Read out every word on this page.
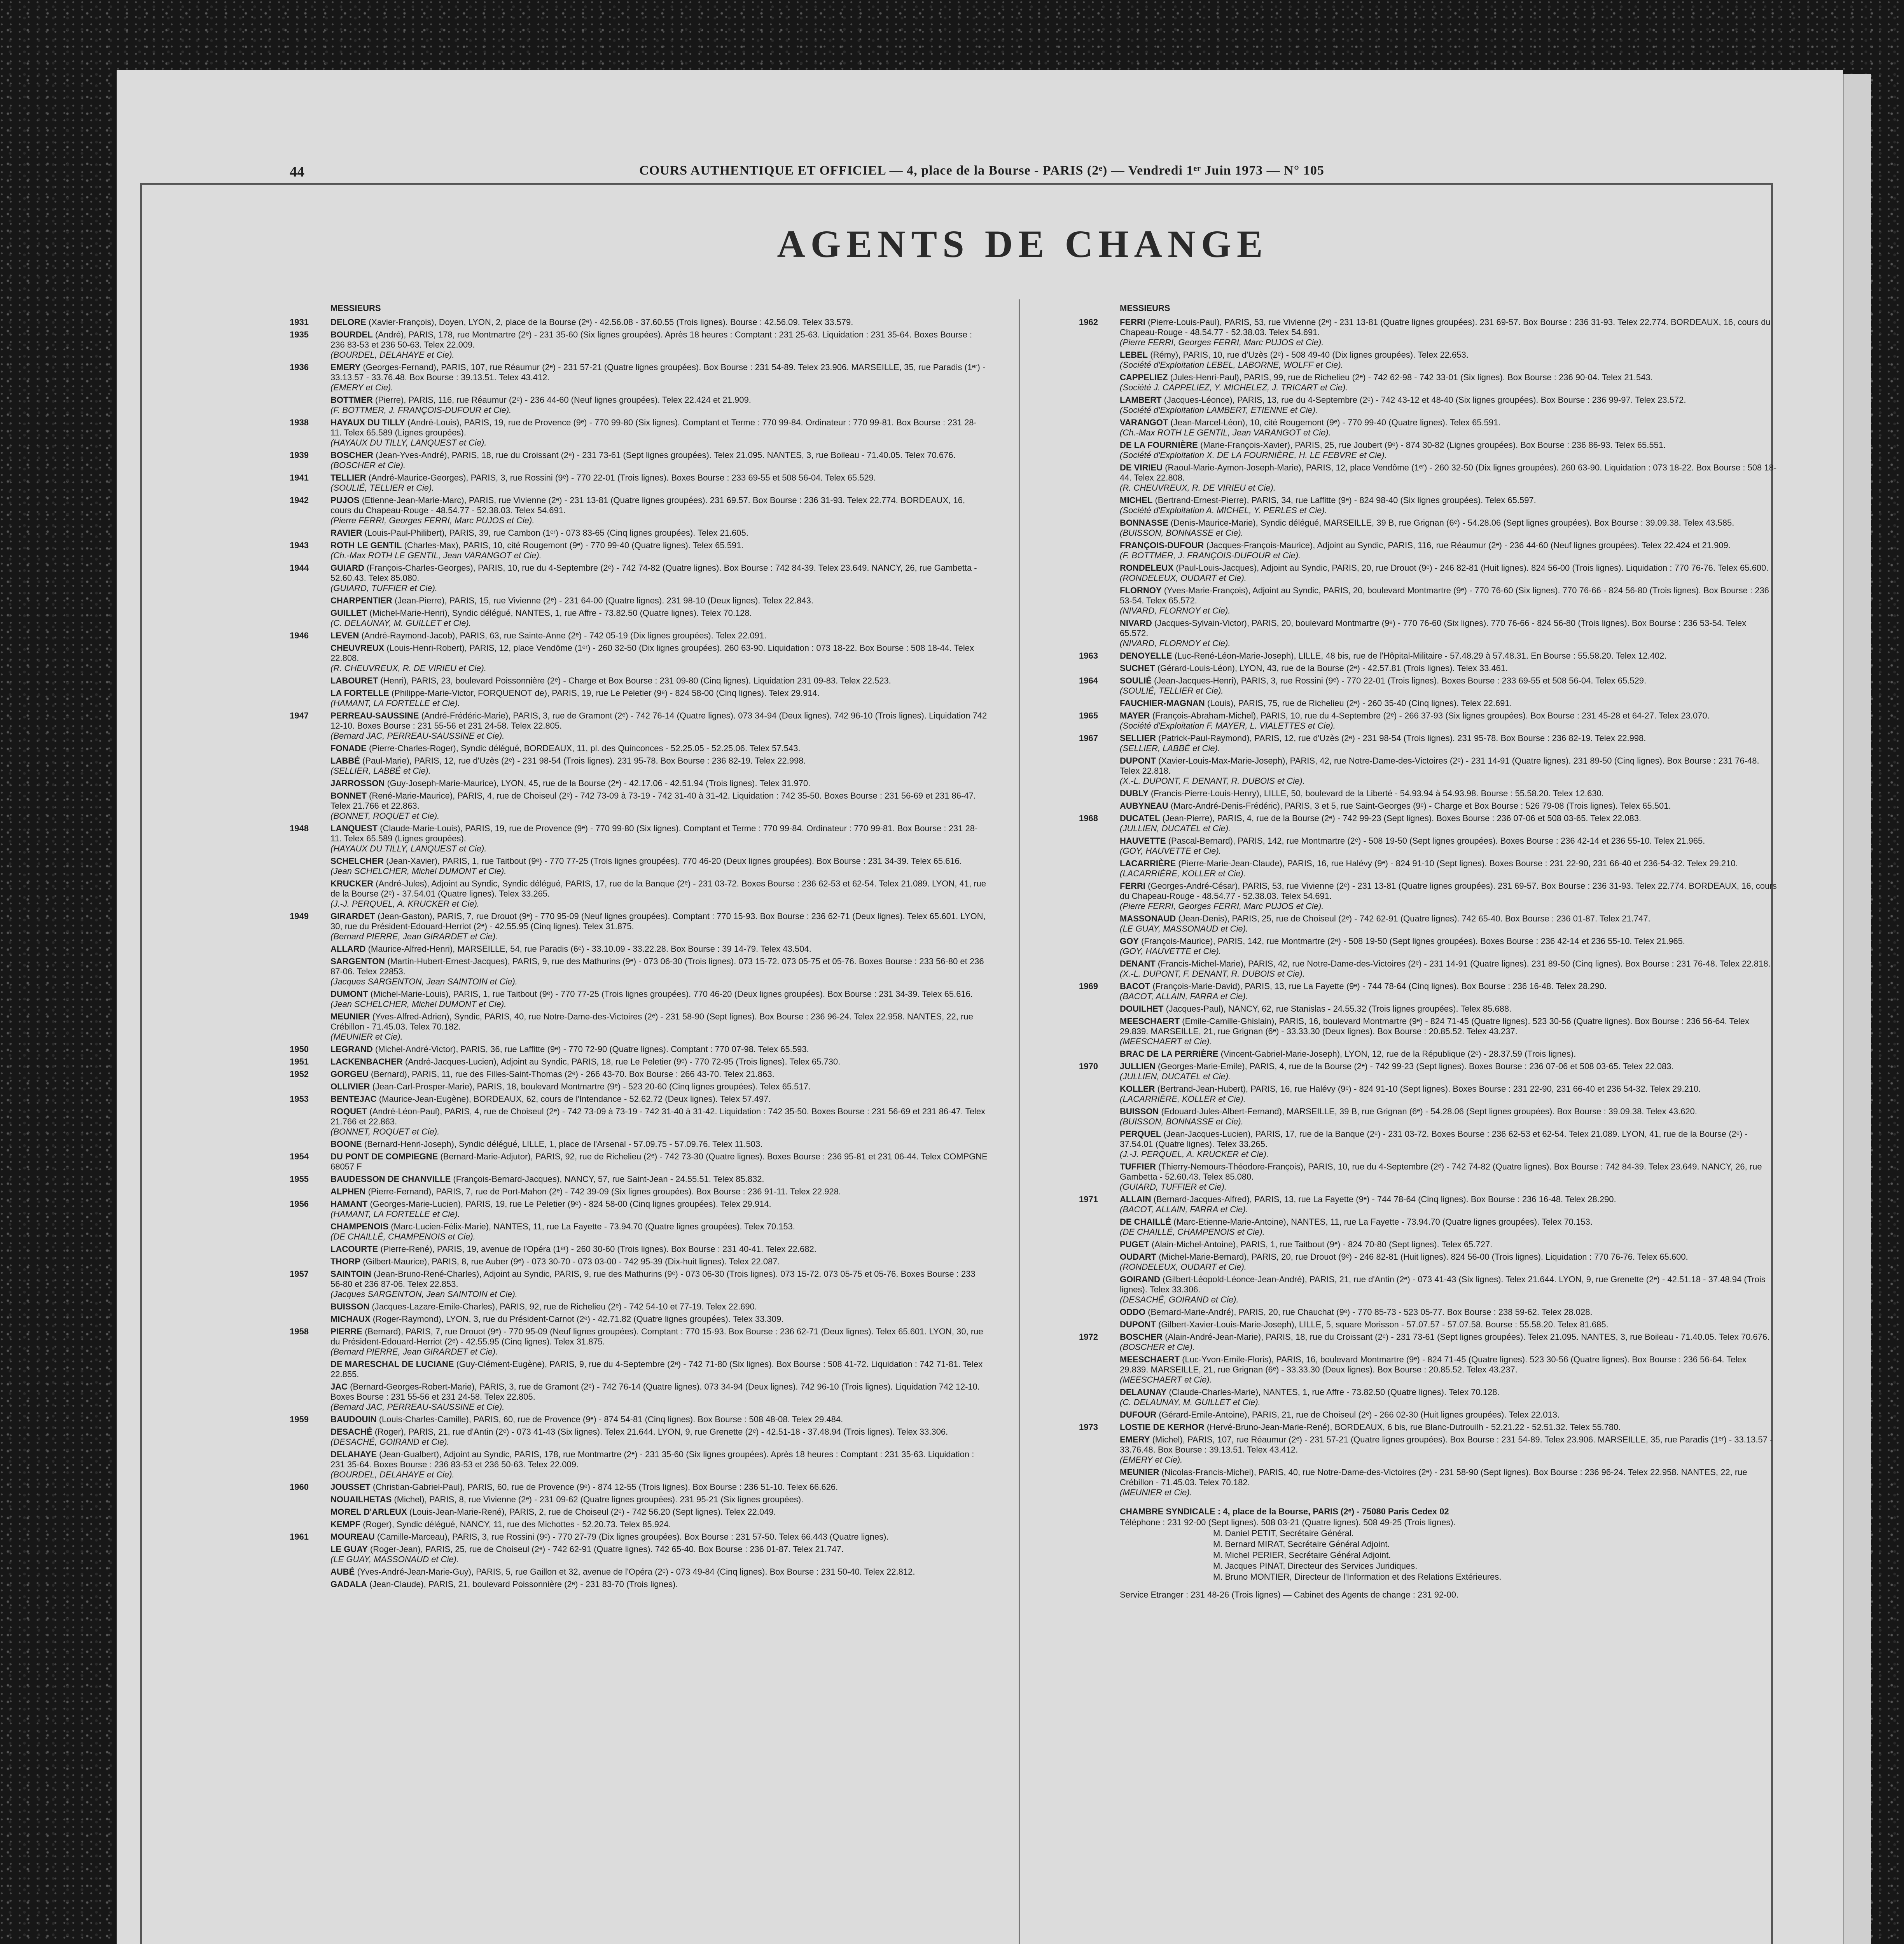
44	COURS AUTHENTIQUE ET OFFICIEL — 4, place de la Bourse - PARIS (2ᵉ) — Vendredi 1ᵉʳ Juin 1973 — N° 105
AGENTS DE CHANGE
MESSIEURS
1931	DELORE (Xavier-François), Doyen, LYON, 2, place de la Bourse (2ᵉ) - 42.56.08 - 37.60.55 (Trois lignes). Bourse : 42.56.09. Telex 33.579.
1935	BOURDEL (André), PARIS, 178, rue Montmartre (2ᵉ) - 231 35-60 (Six lignes groupées). Après 18 heures : Comptant : 231 25-63. Liquidation : 231 35-64. Boxes Bourse : 236 83-53 et 236 50-63. Telex 22.009.
(BOURDEL, DELAHAYE et Cie).
1936	EMERY (Georges-Fernand), PARIS, 107, rue Réaumur (2ᵉ) - 231 57-21 (Quatre lignes groupées). Box Bourse : 231 54-89. Telex 23.906. MARSEILLE, 35, rue Paradis (1ᵉʳ) - 33.13.57 - 33.76.48. Box Bourse : 39.13.51. Telex 43.412.
(EMERY et Cie).
BOTTMER (Pierre), PARIS, 116, rue Réaumur (2ᵉ) - 236 44-60 (Neuf lignes groupées). Telex 22.424 et 21.909.
(F. BOTTMER, J. FRANÇOIS-DUFOUR et Cie).
1938	HAYAUX DU TILLY (André-Louis), PARIS, 19, rue de Provence (9ᵉ) - 770 99-80 (Six lignes). Comptant et Terme : 770 99-84. Ordinateur : 770 99-81. Box Bourse : 231 28-11. Telex 65.589 (Lignes groupées).
(HAYAUX DU TILLY, LANQUEST et Cie).
1939	BOSCHER (Jean-Yves-André), PARIS, 18, rue du Croissant (2ᵉ) - 231 73-61 (Sept lignes groupées). Telex 21.095. NANTES, 3, rue Boileau - 71.40.05. Telex 70.676.
(BOSCHER et Cie).
1941	TELLIER (André-Maurice-Georges), PARIS, 3, rue Rossini (9ᵉ) - 770 22-01 (Trois lignes). Boxes Bourse : 233 69-55 et 508 56-04. Telex 65.529.
(SOULIÉ, TELLIER et Cie).
1942	PUJOS (Etienne-Jean-Marie-Marc), PARIS, rue Vivienne (2ᵉ) - 231 13-81 (Quatre lignes groupées). 231 69.57. Box Bourse : 236 31-93. Telex 22.774. BORDEAUX, 16, cours du Chapeau-Rouge - 48.54.77 - 52.38.03. Telex 54.691.
(Pierre FERRI, Georges FERRI, Marc PUJOS et Cie).
RAVIER (Louis-Paul-Philibert), PARIS, 39, rue Cambon (1ᵉʳ) - 073 83-65 (Cinq lignes groupées). Telex 21.605.
1943	ROTH LE GENTIL (Charles-Max), PARIS, 10, cité Rougemont (9ᵉ) - 770 99-40 (Quatre lignes). Telex 65.591.
(Ch.-Max ROTH LE GENTIL, Jean VARANGOT et Cie).
1944	GUIARD (François-Charles-Georges), PARIS, 10, rue du 4-Septembre (2ᵉ) - 742 74-82 (Quatre lignes). Box Bourse : 742 84-39. Telex 23.649. NANCY, 26, rue Gambetta - 52.60.43. Telex 85.080.
(GUIARD, TUFFIER et Cie).
CHARPENTIER (Jean-Pierre), PARIS, 15, rue Vivienne (2ᵉ) - 231 64-00 (Quatre lignes). 231 98-10 (Deux lignes). Telex 22.843.
GUILLET (Michel-Marie-Henri), Syndic délégué, NANTES, 1, rue Affre - 73.82.50 (Quatre lignes). Telex 70.128.
(C. DELAUNAY, M. GUILLET et Cie).
1946	LEVEN (André-Raymond-Jacob), PARIS, 63, rue Sainte-Anne (2ᵉ) - 742 05-19 (Dix lignes groupées). Telex 22.091.
CHEUVREUX (Louis-Henri-Robert), PARIS, 12, place Vendôme (1ᵉʳ) - 260 32-50 (Dix lignes groupées). 260 63-90. Liquidation : 073 18-22. Box Bourse : 508 18-44. Telex 22.808.
(R. CHEUVREUX, R. DE VIRIEU et Cie).
LABOURET (Henri), PARIS, 23, boulevard Poissonnière (2ᵉ) - Charge et Box Bourse : 231 09-80 (Cinq lignes). Liquidation 231 09-83. Telex 22.523.
LA FORTELLE (Philippe-Marie-Victor, FORQUENOT de), PARIS, 19, rue Le Peletier (9ᵉ) - 824 58-00 (Cinq lignes). Telex 29.914.
(HAMANT, LA FORTELLE et Cie).
1947	PERREAU-SAUSSINE (André-Frédéric-Marie), PARIS, 3, rue de Gramont (2ᵉ) - 742 76-14 (Quatre lignes). 073 34-94 (Deux lignes). 742 96-10 (Trois lignes). Liquidation 742 12-10. Boxes Bourse : 231 55-56 et 231 24-58. Telex 22.805.
(Bernard JAC, PERREAU-SAUSSINE et Cie).
FONADE (Pierre-Charles-Roger), Syndic délégué, BORDEAUX, 11, pl. des Quinconces - 52.25.05 - 52.25.06. Telex 57.543.
LABBÉ (Paul-Marie), PARIS, 12, rue d'Uzès (2ᵉ) - 231 98-54 (Trois lignes). 231 95-78. Box Bourse : 236 82-19. Telex 22.998.
(SELLIER, LABBÉ et Cie).
JARROSSON (Guy-Joseph-Marie-Maurice), LYON, 45, rue de la Bourse (2ᵉ) - 42.17.06 - 42.51.94 (Trois lignes). Telex 31.970.
BONNET (René-Marie-Maurice), PARIS, 4, rue de Choiseul (2ᵉ) - 742 73-09 à 73-19 - 742 31-40 à 31-42. Liquidation : 742 35-50. Boxes Bourse : 231 56-69 et 231 86-47. Telex 21.766 et 22.863.
(BONNET, ROQUET et Cie).
1948	LANQUEST (Claude-Marie-Louis), PARIS, 19, rue de Provence (9ᵉ) - 770 99-80 (Six lignes). Comptant et Terme : 770 99-84. Ordinateur : 770 99-81. Box Bourse : 231 28-11. Telex 65.589 (Lignes groupées).
(HAYAUX DU TILLY, LANQUEST et Cie).
SCHELCHER (Jean-Xavier), PARIS, 1, rue Taitbout (9ᵉ) - 770 77-25 (Trois lignes groupées). 770 46-20 (Deux lignes groupées). Box Bourse : 231 34-39. Telex 65.616.
(Jean SCHELCHER, Michel DUMONT et Cie).
KRUCKER (André-Jules), Adjoint au Syndic, Syndic délégué, PARIS, 17, rue de la Banque (2ᵉ) - 231 03-72. Boxes Bourse : 236 62-53 et 62-54. Telex 21.089. LYON, 41, rue de la Bourse (2ᵉ) - 37.54.01 (Quatre lignes). Telex 33.265.
(J.-J. PERQUEL, A. KRUCKER et Cie).
1949	GIRARDET (Jean-Gaston), PARIS, 7, rue Drouot (9ᵉ) - 770 95-09 (Neuf lignes groupées). Comptant : 770 15-93. Box Bourse : 236 62-71 (Deux lignes). Telex 65.601. LYON, 30, rue du Président-Edouard-Herriot (2ᵉ) - 42.55.95 (Cinq lignes). Telex 31.875.
(Bernard PIERRE, Jean GIRARDET et Cie).
ALLARD (Maurice-Alfred-Henri), MARSEILLE, 54, rue Paradis (6ᵉ) - 33.10.09 - 33.22.28. Box Bourse : 39 14-79. Telex 43.504.
SARGENTON (Martin-Hubert-Ernest-Jacques), PARIS, 9, rue des Mathurins (9ᵉ) - 073 06-30 (Trois lignes). 073 15-72. 073 05-75 et 05-76. Boxes Bourse : 233 56-80 et 236 87-06. Telex 22853.
(Jacques SARGENTON, Jean SAINTOIN et Cie).
DUMONT (Michel-Marie-Louis), PARIS, 1, rue Taitbout (9ᵉ) - 770 77-25 (Trois lignes groupées). 770 46-20 (Deux lignes groupées). Box Bourse : 231 34-39. Telex 65.616.
(Jean SCHELCHER, Michel DUMONT et Cie).
MEUNIER (Yves-Alfred-Adrien), Syndic, PARIS, 40, rue Notre-Dame-des-Victoires (2ᵉ) - 231 58-90 (Sept lignes). Box Bourse : 236 96-24. Telex 22.958. NANTES, 22, rue Crébillon - 71.45.03. Telex 70.182.
(MEUNIER et Cie).
1950	LEGRAND (Michel-André-Victor), PARIS, 36, rue Laffitte (9ᵉ) - 770 72-90 (Quatre lignes). Comptant : 770 07-98. Telex 65.593.
1951	LACKENBACHER (André-Jacques-Lucien), Adjoint au Syndic, PARIS, 18, rue Le Peletier (9ᵉ) - 770 72-95 (Trois lignes). Telex 65.730.
1952	GORGEU (Bernard), PARIS, 11, rue des Filles-Saint-Thomas (2ᵉ) - 266 43-70. Box Bourse : 266 43-70. Telex 21.863.
OLLIVIER (Jean-Carl-Prosper-Marie), PARIS, 18, boulevard Montmartre (9ᵉ) - 523 20-60 (Cinq lignes groupées). Telex 65.517.
1953	BENTEJAC (Maurice-Jean-Eugène), BORDEAUX, 62, cours de l'Intendance - 52.62.72 (Deux lignes). Telex 57.497.
ROQUET (André-Léon-Paul), PARIS, 4, rue de Choiseul (2ᵉ) - 742 73-09 à 73-19 - 742 31-40 à 31-42. Liquidation : 742 35-50. Boxes Bourse : 231 56-69 et 231 86-47. Telex 21.766 et 22.863.
(BONNET, ROQUET et Cie).
BOONE (Bernard-Henri-Joseph), Syndic délégué, LILLE, 1, place de l'Arsenal - 57.09.75 - 57.09.76. Telex 11.503.
1954	DU PONT DE COMPIEGNE (Bernard-Marie-Adjutor), PARIS, 92, rue de Richelieu (2ᵉ) - 742 73-30 (Quatre lignes). Boxes Bourse : 236 95-81 et 231 06-44. Telex COMPGNE 68057 F
1955	BAUDESSON DE CHANVILLE (François-Bernard-Jacques), NANCY, 57, rue Saint-Jean - 24.55.51. Telex 85.832.
ALPHEN (Pierre-Fernand), PARIS, 7, rue de Port-Mahon (2ᵉ) - 742 39-09 (Six lignes groupées). Box Bourse : 236 91-11. Telex 22.928.
1956	HAMANT (Georges-Marie-Lucien), PARIS, 19, rue Le Peletier (9ᵉ) - 824 58-00 (Cinq lignes groupées). Telex 29.914.
(HAMANT, LA FORTELLE et Cie).
CHAMPENOIS (Marc-Lucien-Félix-Marie), NANTES, 11, rue La Fayette - 73.94.70 (Quatre lignes groupées). Telex 70.153.
(DE CHAILLÉ, CHAMPENOIS et Cie).
LACOURTE (Pierre-René), PARIS, 19, avenue de l'Opéra (1ᵉʳ) - 260 30-60 (Trois lignes). Box Bourse : 231 40-41. Telex 22.682.
THORP (Gilbert-Maurice), PARIS, 8, rue Auber (9ᵉ) - 073 30-70 - 073 03-00 - 742 95-39 (Dix-huit lignes). Telex 22.087.
1957	SAINTOIN (Jean-Bruno-René-Charles), Adjoint au Syndic, PARIS, 9, rue des Mathurins (9ᵉ) - 073 06-30 (Trois lignes). 073 15-72. 073 05-75 et 05-76. Boxes Bourse : 233 56-80 et 236 87-06. Telex 22.853.
(Jacques SARGENTON, Jean SAINTOIN et Cie).
BUISSON (Jacques-Lazare-Emile-Charles), PARIS, 92, rue de Richelieu (2ᵉ) - 742 54-10 et 77-19. Telex 22.690.
MICHAUX (Roger-Raymond), LYON, 3, rue du Président-Carnot (2ᵉ) - 42.71.82 (Quatre lignes groupées). Telex 33.309.
1958	PIERRE (Bernard), PARIS, 7, rue Drouot (9ᵉ) - 770 95-09 (Neuf lignes groupées). Comptant : 770 15-93. Box Bourse : 236 62-71 (Deux lignes). Telex 65.601. LYON, 30, rue du Président-Edouard-Herriot (2ᵉ) - 42.55.95 (Cinq lignes). Telex 31.875.
(Bernard PIERRE, Jean GIRARDET et Cie).
DE MARESCHAL DE LUCIANE (Guy-Clément-Eugène), PARIS, 9, rue du 4-Septembre (2ᵉ) - 742 71-80 (Six lignes). Box Bourse : 508 41-72. Liquidation : 742 71-81. Telex 22.855.
JAC (Bernard-Georges-Robert-Marie), PARIS, 3, rue de Gramont (2ᵉ) - 742 76-14 (Quatre lignes). 073 34-94 (Deux lignes). 742 96-10 (Trois lignes). Liquidation 742 12-10. Boxes Bourse : 231 55-56 et 231 24-58. Telex 22.805.
(Bernard JAC, PERREAU-SAUSSINE et Cie).
1959	BAUDOUIN (Louis-Charles-Camille), PARIS, 60, rue de Provence (9ᵉ) - 874 54-81 (Cinq lignes). Box Bourse : 508 48-08. Telex 29.484.
DESACHÉ (Roger), PARIS, 21, rue d'Antin (2ᵉ) - 073 41-43 (Six lignes). Telex 21.644. LYON, 9, rue Grenette (2ᵉ) - 42.51-18 - 37.48.94 (Trois lignes). Telex 33.306.
(DESACHÉ, GOIRAND et Cie).
DELAHAYE (Jean-Gualbert), Adjoint au Syndic, PARIS, 178, rue Montmartre (2ᵉ) - 231 35-60 (Six lignes groupées). Après 18 heures : Comptant : 231 35-63. Liquidation : 231 35-64. Boxes Bourse : 236 83-53 et 236 50-63. Telex 22.009.
(BOURDEL, DELAHAYE et Cie).
1960	JOUSSET (Christian-Gabriel-Paul), PARIS, 60, rue de Provence (9ᵉ) - 874 12-55 (Trois lignes). Box Bourse : 236 51-10. Telex 66.626.
NOUAILHETAS (Michel), PARIS, 8, rue Vivienne (2ᵉ) - 231 09-62 (Quatre lignes groupées). 231 95-21 (Six lignes groupées).
MOREL D'ARLEUX (Louis-Jean-Marie-René), PARIS, 2, rue de Choiseul (2ᵉ) - 742 56.20 (Sept lignes). Telex 22.049.
KEMPF (Roger), Syndic délégué, NANCY, 11, rue des Michottes - 52.20.73. Telex 85.924.
1961	MOUREAU (Camille-Marceau), PARIS, 3, rue Rossini (9ᵉ) - 770 27-79 (Dix lignes groupées). Box Bourse : 231 57-50. Telex 66.443 (Quatre lignes).
LE GUAY (Roger-Jean), PARIS, 25, rue de Choiseul (2ᵉ) - 742 62-91 (Quatre lignes). 742 65-40. Box Bourse : 236 01-87. Telex 21.747.
(LE GUAY, MASSONAUD et Cie).
AUBÉ (Yves-André-Jean-Marie-Guy), PARIS, 5, rue Gaillon et 32, avenue de l'Opéra (2ᵉ) - 073 49-84 (Cinq lignes). Box Bourse : 231 50-40. Telex 22.812.
GADALA (Jean-Claude), PARIS, 21, boulevard Poissonnière (2ᵉ) - 231 83-70 (Trois lignes).
MESSIEURS
1962	FERRI (Pierre-Louis-Paul), PARIS, 53, rue Vivienne (2ᵉ) - 231 13-81 (Quatre lignes groupées). 231 69-57. Box Bourse : 236 31-93. Telex 22.774. BORDEAUX, 16, cours du Chapeau-Rouge - 48.54.77 - 52.38.03. Telex 54.691.
(Pierre FERRI, Georges FERRI, Marc PUJOS et Cie).
LEBEL (Rémy), PARIS, 10, rue d'Uzès (2ᵉ) - 508 49-40 (Dix lignes groupées). Telex 22.653.
(Société d'Exploitation LEBEL, LABORNE, WOLFF et Cie).
CAPPELIEZ (Jules-Henri-Paul), PARIS, 99, rue de Richelieu (2ᵉ) - 742 62-98 - 742 33-01 (Six lignes). Box Bourse : 236 90-04. Telex 21.543.
(Société J. CAPPELIEZ, Y. MICHELEZ, J. TRICART et Cie).
LAMBERT (Jacques-Léonce), PARIS, 13, rue du 4-Septembre (2ᵉ) - 742 43-12 et 48-40 (Six lignes groupées). Box Bourse : 236 99-97. Telex 23.572.
(Société d'Exploitation LAMBERT, ETIENNE et Cie).
VARANGOT (Jean-Marcel-Léon), 10, cité Rougemont (9ᵉ) - 770 99-40 (Quatre lignes). Telex 65.591.
(Ch.-Max ROTH LE GENTIL, Jean VARANGOT et Cie).
DE LA FOURNIÈRE (Marie-François-Xavier), PARIS, 25, rue Joubert (9ᵉ) - 874 30-82 (Lignes groupées). Box Bourse : 236 86-93. Telex 65.551.
(Société d'Exploitation X. DE LA FOURNIÈRE, H. LE FEBVRE et Cie).
DE VIRIEU (Raoul-Marie-Aymon-Joseph-Marie), PARIS, 12, place Vendôme (1ᵉʳ) - 260 32-50 (Dix lignes groupées). 260 63-90. Liquidation : 073 18-22. Box Bourse : 508 18-44. Telex 22.808.
(R. CHEUVREUX, R. DE VIRIEU et Cie).
MICHEL (Bertrand-Ernest-Pierre), PARIS, 34, rue Laffitte (9ᵉ) - 824 98-40 (Six lignes groupées). Telex 65.597.
(Société d'Exploitation A. MICHEL, Y. PERLES et Cie).
BONNASSE (Denis-Maurice-Marie), Syndic délégué, MARSEILLE, 39 B, rue Grignan (6ᵉ) - 54.28.06 (Sept lignes groupées). Box Bourse : 39.09.38. Telex 43.585.
(BUISSON, BONNASSE et Cie).
FRANÇOIS-DUFOUR (Jacques-François-Maurice), Adjoint au Syndic, PARIS, 116, rue Réaumur (2ᵉ) - 236 44-60 (Neuf lignes groupées). Telex 22.424 et 21.909.
(F. BOTTMER, J. FRANÇOIS-DUFOUR et Cie).
RONDELEUX (Paul-Louis-Jacques), Adjoint au Syndic, PARIS, 20, rue Drouot (9ᵉ) - 246 82-81 (Huit lignes). 824 56-00 (Trois lignes). Liquidation : 770 76-76. Telex 65.600.
(RONDELEUX, OUDART et Cie).
FLORNOY (Yves-Marie-François), Adjoint au Syndic, PARIS, 20, boulevard Montmartre (9ᵉ) - 770 76-60 (Six lignes). 770 76-66 - 824 56-80 (Trois lignes). Box Bourse : 236 53-54. Telex 65.572.
(NIVARD, FLORNOY et Cie).
NIVARD (Jacques-Sylvain-Victor), PARIS, 20, boulevard Montmartre (9ᵉ) - 770 76-60 (Six lignes). 770 76-66 - 824 56-80 (Trois lignes). Box Bourse : 236 53-54. Telex 65.572.
(NIVARD, FLORNOY et Cie).
1963	DENOYELLE (Luc-René-Léon-Marie-Joseph), LILLE, 48 bis, rue de l'Hôpital-Militaire - 57.48.29 à 57.48.31. En Bourse : 55.58.20. Telex 12.402.
SUCHET (Gérard-Louis-Léon), LYON, 43, rue de la Bourse (2ᵉ) - 42.57.81 (Trois lignes). Telex 33.461.
1964	SOULIÉ (Jean-Jacques-Henri), PARIS, 3, rue Rossini (9ᵉ) - 770 22-01 (Trois lignes). Boxes Bourse : 233 69-55 et 508 56-04. Telex 65.529.
(SOULIÉ, TELLIER et Cie).
FAUCHIER-MAGNAN (Louis), PARIS, 75, rue de Richelieu (2ᵉ) - 260 35-40 (Cinq lignes). Telex 22.691.
1965	MAYER (François-Abraham-Michel), PARIS, 10, rue du 4-Septembre (2ᵉ) - 266 37-93 (Six lignes groupées). Box Bourse : 231 45-28 et 64-27. Telex 23.070.
(Société d'Exploitation F. MAYER, L. VIALETTES et Cie).
1967	SELLIER (Patrick-Paul-Raymond), PARIS, 12, rue d'Uzès (2ᵉ) - 231 98-54 (Trois lignes). 231 95-78. Box Bourse : 236 82-19. Telex 22.998.
(SELLIER, LABBÉ et Cie).
DUPONT (Xavier-Louis-Max-Marie-Joseph), PARIS, 42, rue Notre-Dame-des-Victoires (2ᵉ) - 231 14-91 (Quatre lignes). 231 89-50 (Cinq lignes). Box Bourse : 231 76-48. Telex 22.818.
(X.-L. DUPONT, F. DENANT, R. DUBOIS et Cie).
DUBLY (Francis-Pierre-Louis-Henry), LILLE, 50, boulevard de la Liberté - 54.93.94 à 54.93.98. Bourse : 55.58.20. Telex 12.630.
AUBYNEAU (Marc-André-Denis-Frédéric), PARIS, 3 et 5, rue Saint-Georges (9ᵉ) - Charge et Box Bourse : 526 79-08 (Trois lignes). Telex 65.501.
1968	DUCATEL (Jean-Pierre), PARIS, 4, rue de la Bourse (2ᵉ) - 742 99-23 (Sept lignes). Boxes Bourse : 236 07-06 et 508 03-65. Telex 22.083.
(JULLIEN, DUCATEL et Cie).
HAUVETTE (Pascal-Bernard), PARIS, 142, rue Montmartre (2ᵉ) - 508 19-50 (Sept lignes groupées). Boxes Bourse : 236 42-14 et 236 55-10. Telex 21.965.
(GOY, HAUVETTE et Cie).
LACARRIÈRE (Pierre-Marie-Jean-Claude), PARIS, 16, rue Halévy (9ᵉ) - 824 91-10 (Sept lignes). Boxes Bourse : 231 22-90, 231 66-40 et 236-54-32. Telex 29.210.
(LACARRIÈRE, KOLLER et Cie).
FERRI (Georges-André-César), PARIS, 53, rue Vivienne (2ᵉ) - 231 13-81 (Quatre lignes groupées). 231 69-57. Box Bourse : 236 31-93. Telex 22.774. BORDEAUX, 16, cours du Chapeau-Rouge - 48.54.77 - 52.38.03. Telex 54.691.
(Pierre FERRI, Georges FERRI, Marc PUJOS et Cie).
MASSONAUD (Jean-Denis), PARIS, 25, rue de Choiseul (2ᵉ) - 742 62-91 (Quatre lignes). 742 65-40. Box Bourse : 236 01-87. Telex 21.747.
(LE GUAY, MASSONAUD et Cie).
GOY (François-Maurice), PARIS, 142, rue Montmartre (2ᵉ) - 508 19-50 (Sept lignes groupées). Boxes Bourse : 236 42-14 et 236 55-10. Telex 21.965.
(GOY, HAUVETTE et Cie).
DENANT (Francis-Michel-Marie), PARIS, 42, rue Notre-Dame-des-Victoires (2ᵉ) - 231 14-91 (Quatre lignes). 231 89-50 (Cinq lignes). Box Bourse : 231 76-48. Telex 22.818.
(X.-L. DUPONT, F. DENANT, R. DUBOIS et Cie).
1969	BACOT (François-Marie-David), PARIS, 13, rue La Fayette (9ᵉ) - 744 78-64 (Cinq lignes). Box Bourse : 236 16-48. Telex 28.290.
(BACOT, ALLAIN, FARRA et Cie).
DOUILHET (Jacques-Paul), NANCY, 62, rue Stanislas - 24.55.32 (Trois lignes groupées). Telex 85.688.
MEESCHAERT (Emile-Camille-Ghislain), PARIS, 16, boulevard Montmartre (9ᵉ) - 824 71-45 (Quatre lignes). 523 30-56 (Quatre lignes). Box Bourse : 236 56-64. Telex 29.839. MARSEILLE, 21, rue Grignan (6ᵉ) - 33.33.30 (Deux lignes). Box Bourse : 20.85.52. Telex 43.237.
(MEESCHAERT et Cie).
BRAC DE LA PERRIÈRE (Vincent-Gabriel-Marie-Joseph), LYON, 12, rue de la République (2ᵉ) - 28.37.59 (Trois lignes).
1970	JULLIEN (Georges-Marie-Emile), PARIS, 4, rue de la Bourse (2ᵉ) - 742 99-23 (Sept lignes). Boxes Bourse : 236 07-06 et 508 03-65. Telex 22.083.
(JULLIEN, DUCATEL et Cie).
KOLLER (Bertrand-Jean-Hubert), PARIS, 16, rue Halévy (9ᵉ) - 824 91-10 (Sept lignes). Boxes Bourse : 231 22-90, 231 66-40 et 236 54-32. Telex 29.210.
(LACARRIÈRE, KOLLER et Cie).
BUISSON (Edouard-Jules-Albert-Fernand), MARSEILLE, 39 B, rue Grignan (6ᵉ) - 54.28.06 (Sept lignes groupées). Box Bourse : 39.09.38. Telex 43.620.
(BUISSON, BONNASSE et Cie).
PERQUEL (Jean-Jacques-Lucien), PARIS, 17, rue de la Banque (2ᵉ) - 231 03-72. Boxes Bourse : 236 62-53 et 62-54. Telex 21.089. LYON, 41, rue de la Bourse (2ᵉ) - 37.54.01 (Quatre lignes). Telex 33.265.
(J.-J. PERQUEL, A. KRUCKER et Cie).
TUFFIER (Thierry-Nemours-Théodore-François), PARIS, 10, rue du 4-Septembre (2ᵉ) - 742 74-82 (Quatre lignes). Box Bourse : 742 84-39. Telex 23.649. NANCY, 26, rue Gambetta - 52.60.43. Telex 85.080.
(GUIARD, TUFFIER et Cie).
1971	ALLAIN (Bernard-Jacques-Alfred), PARIS, 13, rue La Fayette (9ᵉ) - 744 78-64 (Cinq lignes). Box Bourse : 236 16-48. Telex 28.290.
(BACOT, ALLAIN, FARRA et Cie).
DE CHAILLÉ (Marc-Etienne-Marie-Antoine), NANTES, 11, rue La Fayette - 73.94.70 (Quatre lignes groupées). Telex 70.153.
(DE CHAILLÉ, CHAMPENOIS et Cie).
PUGET (Alain-Michel-Antoine), PARIS, 1, rue Taitbout (9ᵉ) - 824 70-80 (Sept lignes). Telex 65.727.
OUDART (Michel-Marie-Bernard), PARIS, 20, rue Drouot (9ᵉ) - 246 82-81 (Huit lignes). 824 56-00 (Trois lignes). Liquidation : 770 76-76. Telex 65.600.
(RONDELEUX, OUDART et Cie).
GOIRAND (Gilbert-Léopold-Léonce-Jean-André), PARIS, 21, rue d'Antin (2ᵉ) - 073 41-43 (Six lignes). Telex 21.644. LYON, 9, rue Grenette (2ᵉ) - 42.51.18 - 37.48.94 (Trois lignes). Telex 33.306.
(DESACHÉ, GOIRAND et Cie).
ODDO (Bernard-Marie-André), PARIS, 20, rue Chauchat (9ᵉ) - 770 85-73 - 523 05-77. Box Bourse : 238 59-62. Telex 28.028.
DUPONT (Gilbert-Xavier-Louis-Marie-Joseph), LILLE, 5, square Morisson - 57.07.57 - 57.07.58. Bourse : 55.58.20. Telex 81.685.
1972	BOSCHER (Alain-André-Jean-Marie), PARIS, 18, rue du Croissant (2ᵉ) - 231 73-61 (Sept lignes groupées). Telex 21.095. NANTES, 3, rue Boileau - 71.40.05. Telex 70.676.
(BOSCHER et Cie).
MEESCHAERT (Luc-Yvon-Emile-Floris), PARIS, 16, boulevard Montmartre (9ᵉ) - 824 71-45 (Quatre lignes). 523 30-56 (Quatre lignes). Box Bourse : 236 56-64. Telex 29.839. MARSEILLE, 21, rue Grignan (6ᵉ) - 33.33.30 (Deux lignes). Box Bourse : 20.85.52. Telex 43.237.
(MEESCHAERT et Cie).
DELAUNAY (Claude-Charles-Marie), NANTES, 1, rue Affre - 73.82.50 (Quatre lignes). Telex 70.128.
(C. DELAUNAY, M. GUILLET et Cie).
DUFOUR (Gérard-Emile-Antoine), PARIS, 21, rue de Choiseul (2ᵉ) - 266 02-30 (Huit lignes groupées). Telex 22.013.
1973	LOSTIE DE KERHOR (Hervé-Bruno-Jean-Marie-René), BORDEAUX, 6 bis, rue Blanc-Dutrouilh - 52.21.22 - 52.51.32. Telex 55.780.
EMERY (Michel), PARIS, 107, rue Réaumur (2ᵉ) - 231 57-21 (Quatre lignes groupées). Box Bourse : 231 54-89. Telex 23.906. MARSEILLE, 35, rue Paradis (1ᵉʳ) - 33.13.57 - 33.76.48. Box Bourse : 39.13.51. Telex 43.412.
(EMERY et Cie).
MEUNIER (Nicolas-Francis-Michel), PARIS, 40, rue Notre-Dame-des-Victoires (2ᵉ) - 231 58-90 (Sept lignes). Box Bourse : 236 96-24. Telex 22.958. NANTES, 22, rue Crébillon - 71.45.03. Telex 70.182.
(MEUNIER et Cie).
CHAMBRE SYNDICALE : 4, place de la Bourse, PARIS (2ᵉ) - 75080 Paris Cedex 02
Téléphone : 231 92-00 (Sept lignes). 508 03-21 (Quatre lignes). 508 49-25 (Trois lignes).
M. Daniel PETIT, Secrétaire Général.
M. Bernard MIRAT, Secrétaire Général Adjoint.
M. Michel PERIER, Secrétaire Général Adjoint.
M. Jacques PINAT, Directeur des Services Juridiques.
M. Bruno MONTIER, Directeur de l'Information et des Relations Extérieures.
Service Etranger : 231 48-26 (Trois lignes) — Cabinet des Agents de change : 231 92-00.
